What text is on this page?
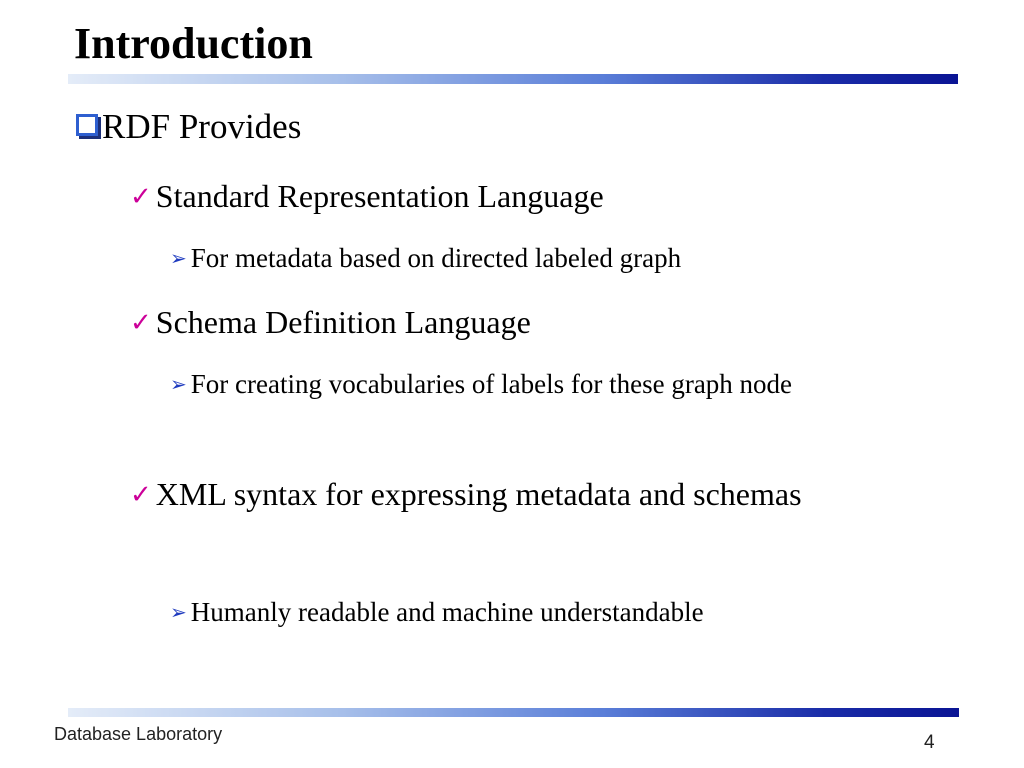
Introduction
RDF Provides
✓ Standard Representation Language
➢ For metadata based on directed labeled graph
✓ Schema Definition Language
➢ For creating vocabularies of labels for these graph node
✓ XML syntax for expressing metadata and schemas
➢ Humanly readable and machine understandable
Database Laboratory	4
